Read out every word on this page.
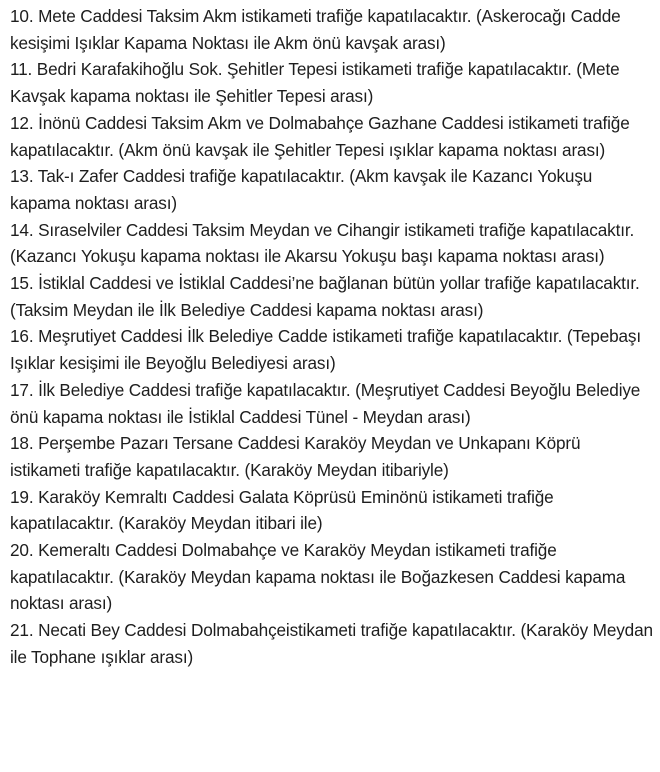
10. Mete Caddesi Taksim Akm istikameti trafiğe kapatılacaktır. (Askerocağı Cadde kesişimi Işıklar Kapama Noktası ile Akm önü kavşak arası)

11. Bedri Karafakihoğlu Sok. Şehitler Tepesi istikameti trafiğe kapatılacaktır. (Mete Kavşak kapama noktası ile Şehitler Tepesi arası)

12. İnönü Caddesi Taksim Akm ve Dolmabahçe Gazhane Caddesi istikameti trafiğe kapatılacaktır. (Akm önü kavşak ile Şehitler Tepesi ışıklar kapama noktası arası)

13. Tak-ı Zafer Caddesi trafiğe kapatılacaktır. (Akm kavşak ile Kazancı Yokuşu kapama noktası arası)

14. Sıraselviler Caddesi Taksim Meydan ve Cihangir istikameti trafiğe kapatılacaktır. (Kazancı Yokuşu kapama noktası ile Akarsu Yokuşu başı kapama noktası arası)

15. İstiklal Caddesi ve İstiklal Caddesi’ne bağlanan bütün yollar trafiğe kapatılacaktır. (Taksim Meydan ile İlk Belediye Caddesi kapama noktası arası)

16. Meşrutiyet Caddesi İlk Belediye Cadde istikameti trafiğe kapatılacaktır. (Tepebaşı Işıklar kesişimi ile Beyoğlu Belediyesi arası)

17. İlk Belediye Caddesi trafiğe kapatılacaktır. (Meşrutiyet Caddesi Beyoğlu Belediye önü kapama noktası ile İstiklal Caddesi Tünel - Meydan arası)

18. Perşembe Pazarı Tersane Caddesi Karaköy Meydan ve Unkapanı Köprü istikameti trafiğe kapatılacaktır. (Karaköy Meydan itibariyle)

19. Karaköy Kemraltı Caddesi Galata Köprüsü Eminönü istikameti trafiğe kapatılacaktır. (Karaköy Meydan itibari ile)

20. Kemeraltı Caddesi Dolmabahçe ve Karaköy Meydan istikameti trafiğe kapatılacaktır. (Karaköy Meydan kapama noktası ile Boğazkesen Caddesi kapama noktası arası)

21. Necati Bey Caddesi Dolmabahçeistikameti trafiğe kapatılacaktır. (Karaköy Meydan ile Tophane ışıklar arası)
